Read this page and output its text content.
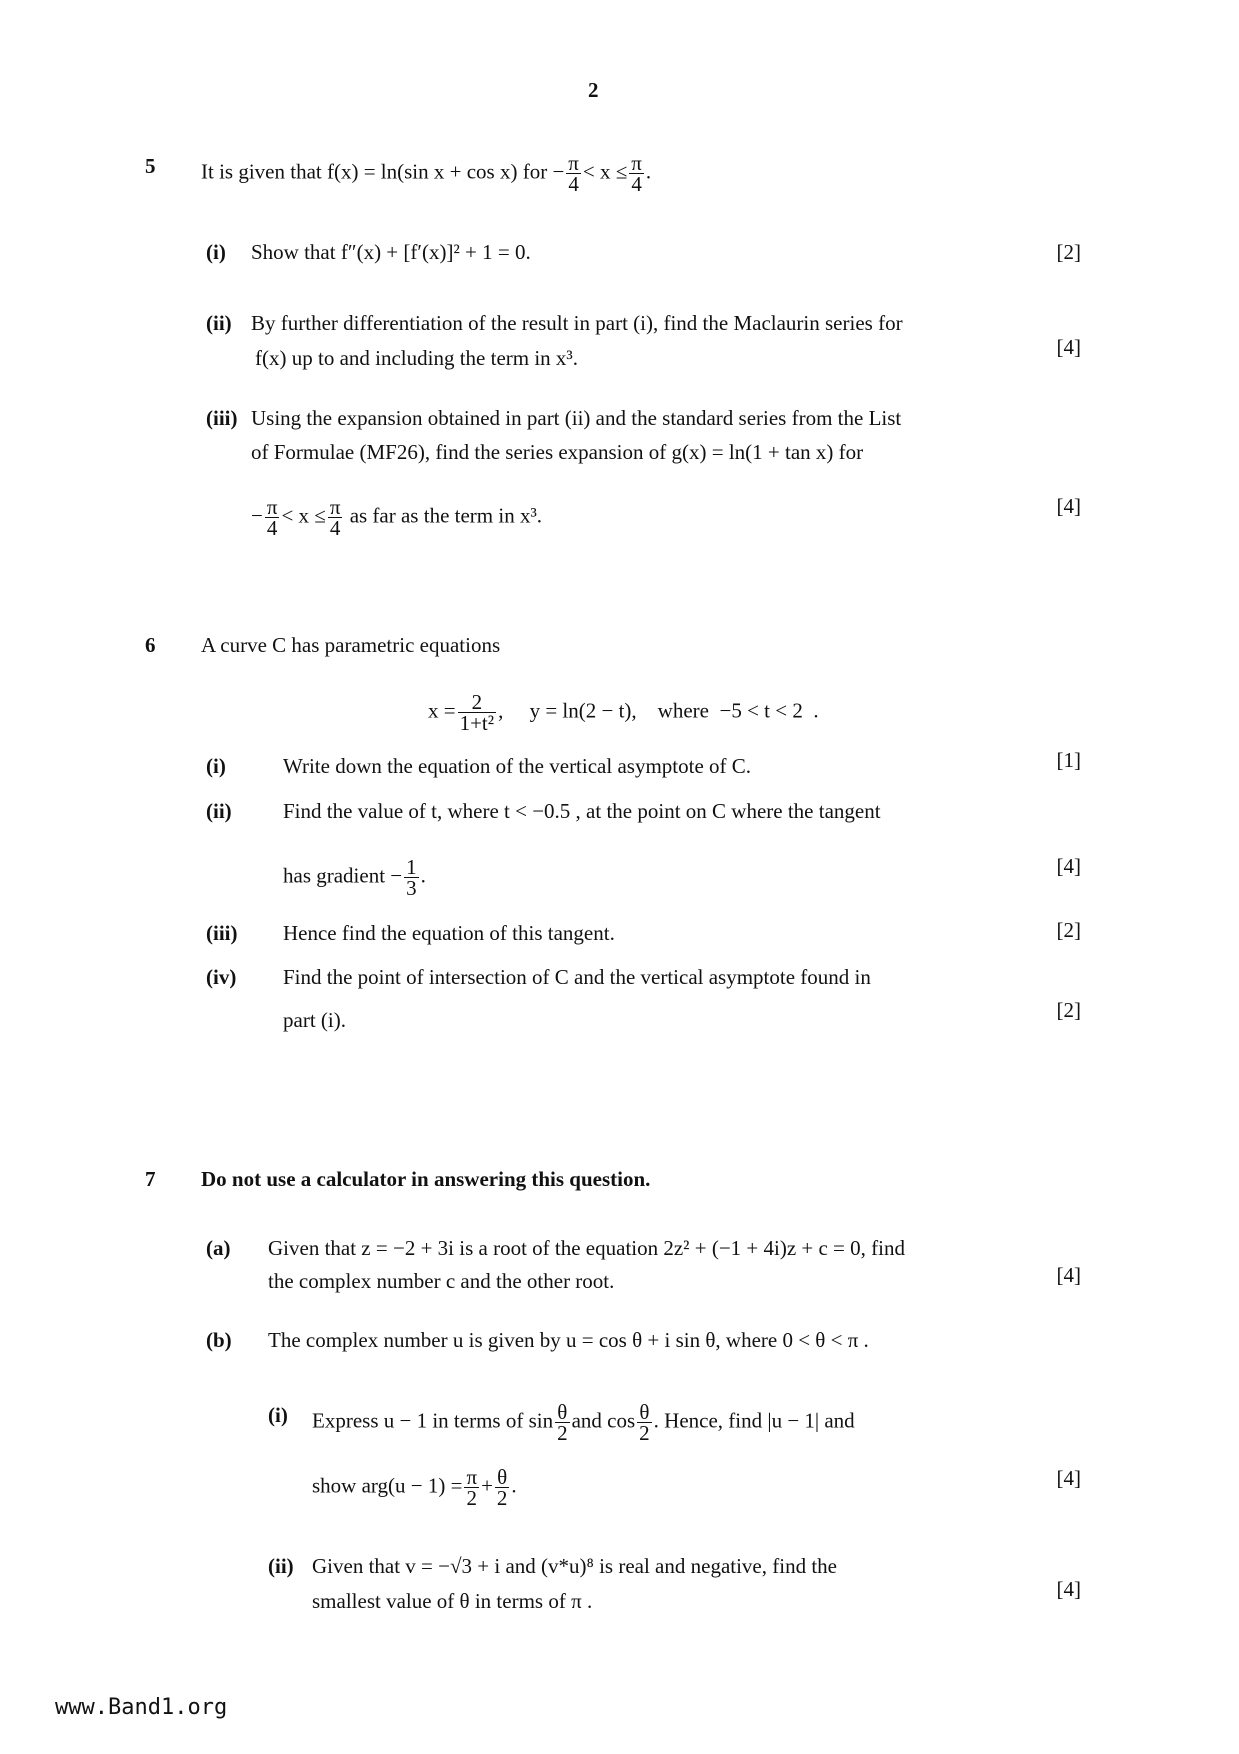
2
5 It is given that f(x) = ln(sin x + cos x) for − $\frac{\pi}{4} < x \le \frac{\pi}{4}$ .
(i) Show that f″(x) + [f′(x)]² + 1 = 0.	[2]
(ii) By further differentiation of the result in part (i), find the Maclaurin series for
f(x) up to and including the term in x³.	[4]
(iii) Using the expansion obtained in part (ii) and the standard series from the List
of Formulae (MF26), find the series expansion of g(x) = ln(1 + tan x) for
− $\frac{\pi}{4} < x \le \frac{\pi}{4}$ as far as the term in x³.	[4]
6 A curve C has parametric equations
$x = \frac{2}{\text{1+t²}}$ ,     y = ln(2 − t),    where  −5 < t < 2  .
(i)	Write down the equation of the vertical asymptote of C.	[1]
(ii) Find the value of t, where t < −0.5 , at the point on C where the tangent
has gradient − $\frac{1}{3}$ .	[4]
(iii) Hence find the equation of this tangent.	[2]
(iv) Find the point of intersection of C and the vertical asymptote found in
part (i).	[2]
7 Do not use a calculator in answering this question.
(a) Given that z = −2 + 3i is a root of the equation 2z² + (−1 + 4i)z + c = 0, find
the complex number c and the other root.	[4]
(b) The complex number u is given by u = cos θ + i sin θ, where 0 < θ < π .
(i) Express u − 1 in terms of $\sin \frac{\theta}{2}$ and $\cos \frac{\theta}{2}$ . Hence, find |u − 1| and
show $arg(u - 1) = \frac{\pi}{2} + \frac{\theta}{2}$ .	[4]
(ii) Given that v = −√3 + i and (v*u)⁸ is real and negative, find the
smallest value of θ in terms of π .	[4]
www.Band1.org
